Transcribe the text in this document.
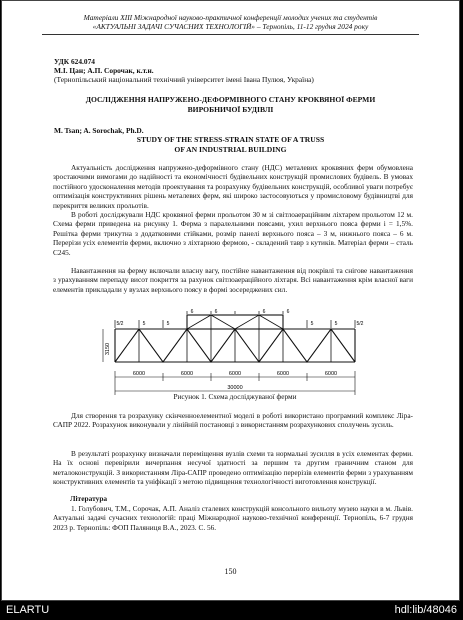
Матеріали ХІІІ Міжнародної науково-практичної конференції молодих учених та студентів
«АКТУАЛЬНІ ЗАДАЧІ СУЧАСНИХ ТЕХНОЛОГІЙ» – Тернопіль, 11-12 грудня 2024 року
УДК 624.074
М.І. Цан; А.П. Сорочак, к.т.н.
(Тернопільський національний технічний університет імені Івана Пулюя, Україна)
ДОСЛІДЖЕННЯ НАПРУЖЕНО-ДЕФОРМІВНОГО СТАНУ КРОКВЯНОЇ ФЕРМИ
ВИРОБНИЧОЇ БУДІВЛІ
M. Tsan; A. Sorochak, Ph.D.
STUDY OF THE STRESS-STRAIN STATE OF A TRUSS
OF AN INDUSTRIAL BUILDING
Актуальність дослідження напружено-деформівного стану (НДС) металевих кроквяних ферм обумовлена зростаючими вимогами до надійності та економічності будівельних конструкцій промислових будівель. В умовах постійного удосконалення методів проектування та розрахунку будівельних конструкцій, особливої уваги потребує оптимізація конструктивних рішень металевих ферм, які широко застосовуються у промисловому будівництві для перекриття великих прольотів.
В роботі досліджували НДС кроквяної ферми прольотом 30 м зі світлоаераційним ліхтарем прольотом 12 м. Схема ферми приведена на рисунку 1. Ферма з паралельними поясами, ухил верхнього пояса ферми i = 1,5%. Решітка ферми трикутна з додатковими стійками, розмір панелі верхнього пояса – 3 м, нижнього пояса – 6 м. Перерізи усіх елементів ферми, включно з ліхтарною фермою, - складений тавр з кутиків. Матеріал ферми – сталь С245.
Навантаження на ферму включали власну вагу, постійне навантаження від покрівлі та снігове навантаження з урахуванням перепаду висот покриття за рахунок світлоаераційного ліхтаря. Всі навантаження крім власної ваги елементів прикладали у вузлах верхнього поясу в формі зосереджених сил.
3150
5/2	5	5
6	6	6	6
5	5	5/2
6000	6000	6000	6000	6000
30000
Рисунок 1. Схема досліджуваної ферми
Для створення та розрахунку скінченноелементної моделі в роботі використано програмний комплекс Ліра-САПР 2022. Розрахунок виконували у лінійній постановці з використанням розрахункових сполучень зусиль.
В результаті розрахунку визначали переміщення вузлів схеми та нормальні зусилля в усіх елементах ферми. На їх основі перевірили вичерпання несучої здатності за першим та другим граничним станом для металоконструкцій. З використанням Ліра-САПР проведено оптимізацію перерізів елементів ферми з урахуванням конструктивних елементів та уніфікації з метою підвищення технологічності виготовлення конструкції.
Література
1. Голубович, Т.М., Сорочак, А.П. Аналіз сталевих конструкцій консольного вильоту музею науки в м. Львів. Актуальні задачі сучасних технологій: праці Міжнародної науково-технічної конференції. Тернопіль, 6-7 грудня 2023 р. Тернопіль: ФОП Паляниця В.А., 2023. С. 56.
150
ELARTU	hdl:lib/48046
